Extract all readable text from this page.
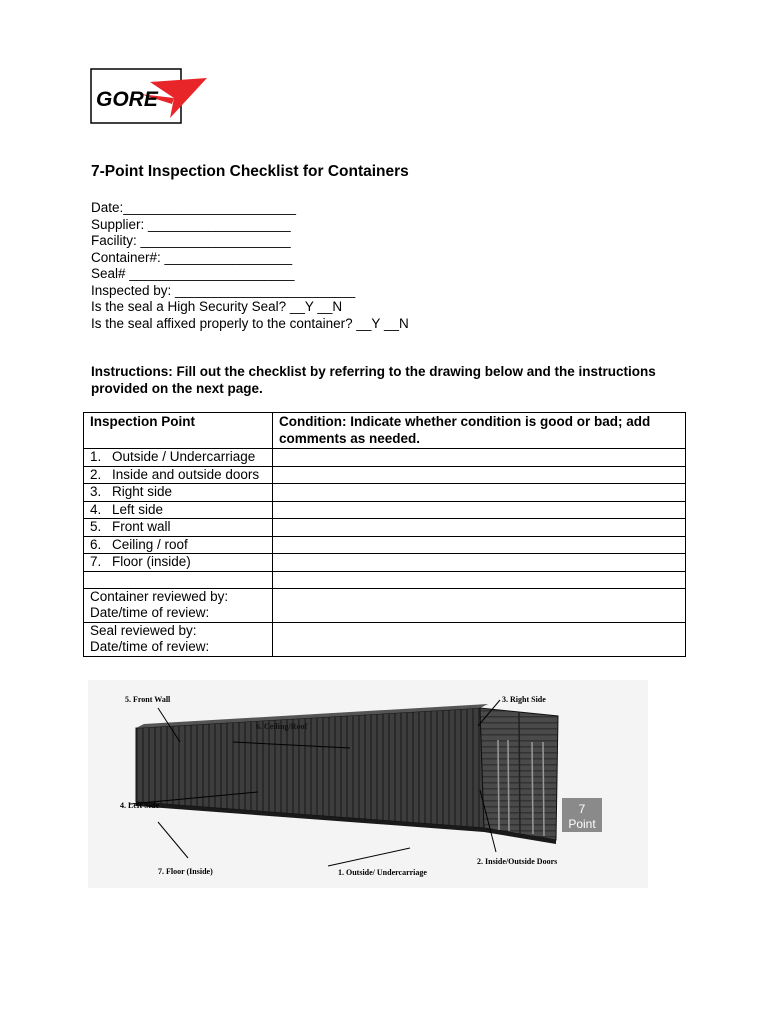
GORE
7-Point Inspection Checklist for Containers
Date:_______________________
Supplier: ___________________
Facility: ____________________
Container#: _________________
Seal# ______________________
Inspected by: ________________________
Is the seal a High Security Seal? __Y __N
Is the seal affixed properly to the container? __Y __N
Instructions: Fill out the checklist by referring to the drawing below and the instructions provided on the next page.
Inspection Point	Condition: Indicate whether condition is good or bad; add comments as needed.
1. Outside / Undercarriage	
2. Inside and outside doors	
3. Right side	
4. Left side	
5. Front wall	
6. Ceiling / roof	
7. Floor (inside)	

Container reviewed by:
Date/time of review:	

Seal reviewed by:
Date/time of review:	

7
Point
5. Front Wall
6. Ceiling/Roof
3. Right Side
4. Left Side
7. Floor (Inside)	1. Outside/ Undercarriage
2. Inside/Outside Doors
